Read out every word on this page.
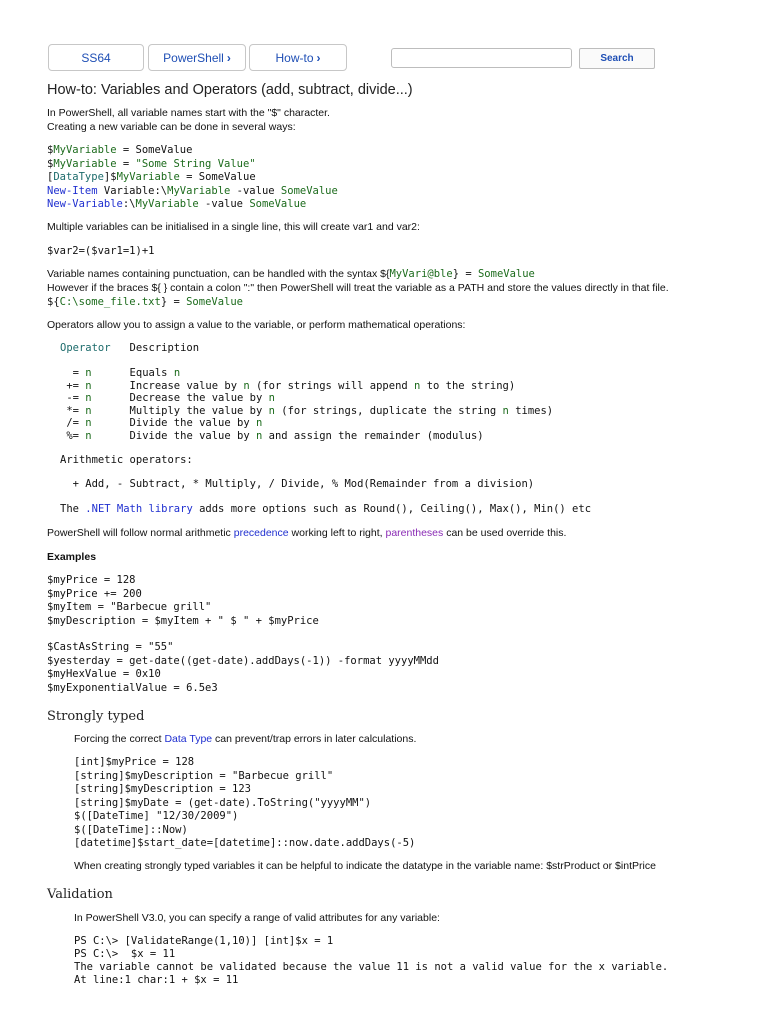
SS64	PowerShell ›	How-to ›	Search
How-to: Variables and Operators (add, subtract, divide...)
In PowerShell, all variable names start with the "$" character.
Creating a new variable can be done in several ways:
$MyVariable = SomeValue
$MyVariable = "Some String Value"
[DataType]$MyVariable = SomeValue
New-Item Variable:\MyVariable -value SomeValue
New-Variable:\MyVariable -value SomeValue
Multiple variables can be initialised in a single line, this will create var1 and var2:
$var2=($var1=1)+1
Variable names containing punctuation, can be handled with the syntax ${MyVari@ble} = SomeValue
However if the braces ${ } contain a colon ":" then PowerShell will treat the variable as a PATH and store the values directly in that file.
${C:\some_file.txt} = SomeValue
Operators allow you to assign a value to the variable, or perform mathematical operations:
Operator   Description
= n      Equals n
+= n      Increase value by n (for strings will append n to the string)
-= n      Decrease the value by n
*= n      Multiply the value by n (for strings, duplicate the string n times)
/= n      Divide the value by n
%= n      Divide the value by n and assign the remainder (modulus)
Arithmetic operators:
+ Add, - Subtract, * Multiply, / Divide, % Mod(Remainder from a division)
The .NET Math library adds more options such as Round(), Ceiling(), Max(), Min() etc
PowerShell will follow normal arithmetic precedence working left to right, parentheses can be used override this.
Examples
$myPrice = 128
$myPrice += 200
$myItem = "Barbecue grill"
$myDescription = $myItem + " $ " + $myPrice
$CastAsString = "55"
$yesterday = get-date((get-date).addDays(-1)) -format yyyyMMdd
$myHexValue = 0x10
$myExponentialValue = 6.5e3
Strongly typed
Forcing the correct Data Type can prevent/trap errors in later calculations.
[int]$myPrice = 128
[string]$myDescription = "Barbecue grill"
[string]$myDescription = 123
[string]$myDate = (get-date).ToString("yyyyMM")
$([DateTime] "12/30/2009")
$([DateTime]::Now)
[datetime]$start_date=[datetime]::now.date.addDays(-5)
When creating strongly typed variables it can be helpful to indicate the datatype in the variable name: $strProduct or $intPrice
Validation
In PowerShell V3.0, you can specify a range of valid attributes for any variable:
PS C:\> [ValidateRange(1,10)] [int]$x = 1
PS C:\>  $x = 11
The variable cannot be validated because the value 11 is not a valid value for the x variable.
At line:1 char:1 + $x = 11
